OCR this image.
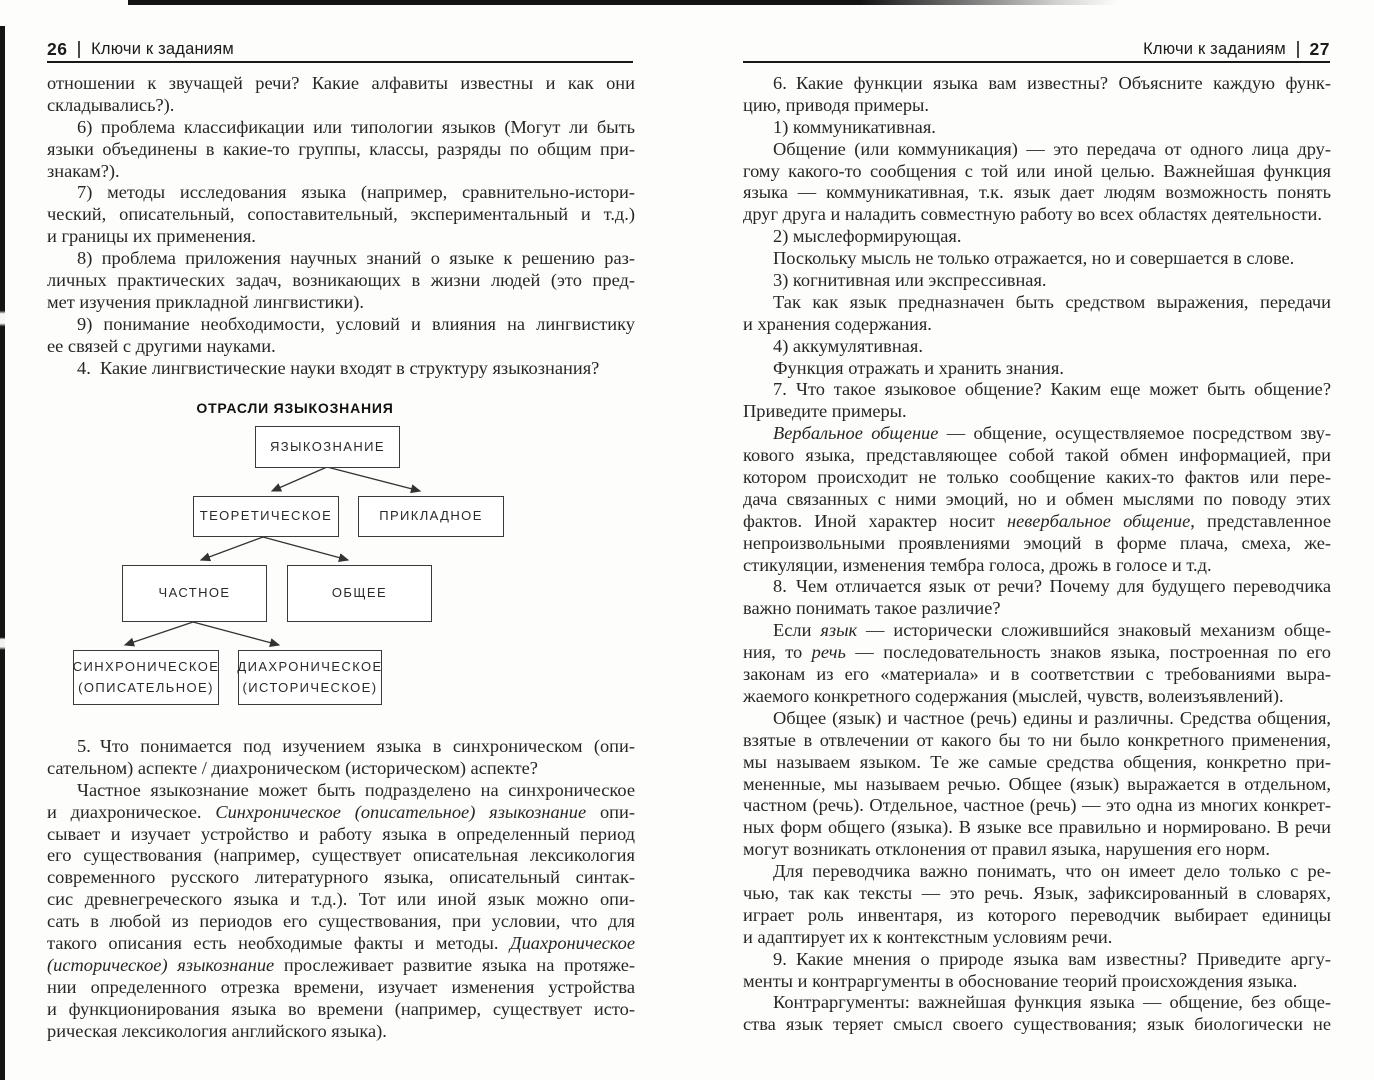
26 Ключи к заданиям
отношении к звучащей речи? Какие алфавиты известны и как они
складывались?).
6) проблема классификации или типологии языков (Могут ли быть
языки объединены в какие-то группы, классы, разряды по общим при-
знакам?).
7) методы исследования языка (например, сравнительно-истори-
ческий, описательный, сопоставительный, экспериментальный и т.д.)
и границы их применения.
8) проблема приложения научных знаний о языке к решению раз-
личных практических задач, возникающих в жизни людей (это пред-
мет изучения прикладной лингвистики).
9) понимание необходимости, условий и влияния на лингвистику
ее связей с другими науками.
4. Какие лингвистические науки входят в структуру языкознания?
ОТРАСЛИ ЯЗЫКОЗНАНИЯ
ЯЗЫКОЗНАНИЕ
ТЕОРЕТИЧЕСКОЕ	ПРИКЛАДНОЕ
ЧАСТНОЕ	ОБЩЕЕ
СИНХРОНИЧЕСКОЕ
(ОПИСАТЕЛЬНОЕ)
ДИАХРОНИЧЕСКОЕ
(ИСТОРИЧЕСКОЕ)
5. Что понимается под изучением языка в синхроническом (опи-
сательном) аспекте / диахроническом (историческом) аспекте?
Частное языкознание может быть подразделено на синхроническое
и диахроническое. Синхроническое (описательное) языкознание опи-
сывает и изучает устройство и работу языка в определенный период
его существования (например, существует описательная лексикология
современного русского литературного языка, описательный синтак-
сис древнегреческого языка и т.д.). Тот или иной язык можно опи-
сать в любой из периодов его существования, при условии, что для
такого описания есть необходимые факты и методы. Диахроническое
(историческое) языкознание прослеживает развитие языка на протяже-
нии определенного отрезка времени, изучает изменения устройства
и функционирования языка во времени (например, существует исто-
рическая лексикология английского языка).
Ключи к заданиям 27
6. Какие функции языка вам известны? Объясните каждую функ-
цию, приводя примеры.
1) коммуникативная.
Общение (или коммуникация) — это передача от одного лица дру-
гому какого-то сообщения с той или иной целью. Важнейшая функция
языка — коммуникативная, т.к. язык дает людям возможность понять
друг друга и наладить совместную работу во всех областях деятельности.
2) мыслеформирующая.
Поскольку мысль не только отражается, но и совершается в слове.
3) когнитивная или экспрессивная.
Так как язык предназначен быть средством выражения, передачи
и хранения содержания.
4) аккумулятивная.
Функция отражать и хранить знания.
7. Что такое языковое общение? Каким еще может быть общение?
Приведите примеры.
Вербальное общение — общение, осуществляемое посредством зву-
кового языка, представляющее собой такой обмен информацией, при
котором происходит не только сообщение каких-то фактов или пере-
дача связанных с ними эмоций, но и обмен мыслями по поводу этих
фактов. Иной характер носит невербальное общение, представленное
непроизвольными проявлениями эмоций в форме плача, смеха, же-
стикуляции, изменения тембра голоса, дрожь в голосе и т.д.
8. Чем отличается язык от речи? Почему для будущего переводчика
важно понимать такое различие?
Если язык — исторически сложившийся знаковый механизм обще-
ния, то речь — последовательность знаков языка, построенная по его
законам из его «материала» и в соответствии с требованиями выра-
жаемого конкретного содержания (мыслей, чувств, волеизъявлений).
Общее (язык) и частное (речь) едины и различны. Средства общения,
взятые в отвлечении от какого бы то ни было конкретного применения,
мы называем языком. Те же самые средства общения, конкретно при-
мененные, мы называем речью. Общее (язык) выражается в отдельном,
частном (речь). Отдельное, частное (речь) — это одна из многих конкрет-
ных форм общего (языка). В языке все правильно и нормировано. В речи
могут возникать отклонения от правил языка, нарушения его норм.
Для переводчика важно понимать, что он имеет дело только с ре-
чью, так как тексты — это речь. Язык, зафиксированный в словарях,
играет роль инвентаря, из которого переводчик выбирает единицы
и адаптирует их к контекстным условиям речи.
9. Какие мнения о природе языка вам известны? Приведите аргу-
менты и контраргументы в обоснование теорий происхождения языка.
Контраргументы: важнейшая функция языка — общение, без обще-
ства язык теряет смысл своего существования; язык биологически не
